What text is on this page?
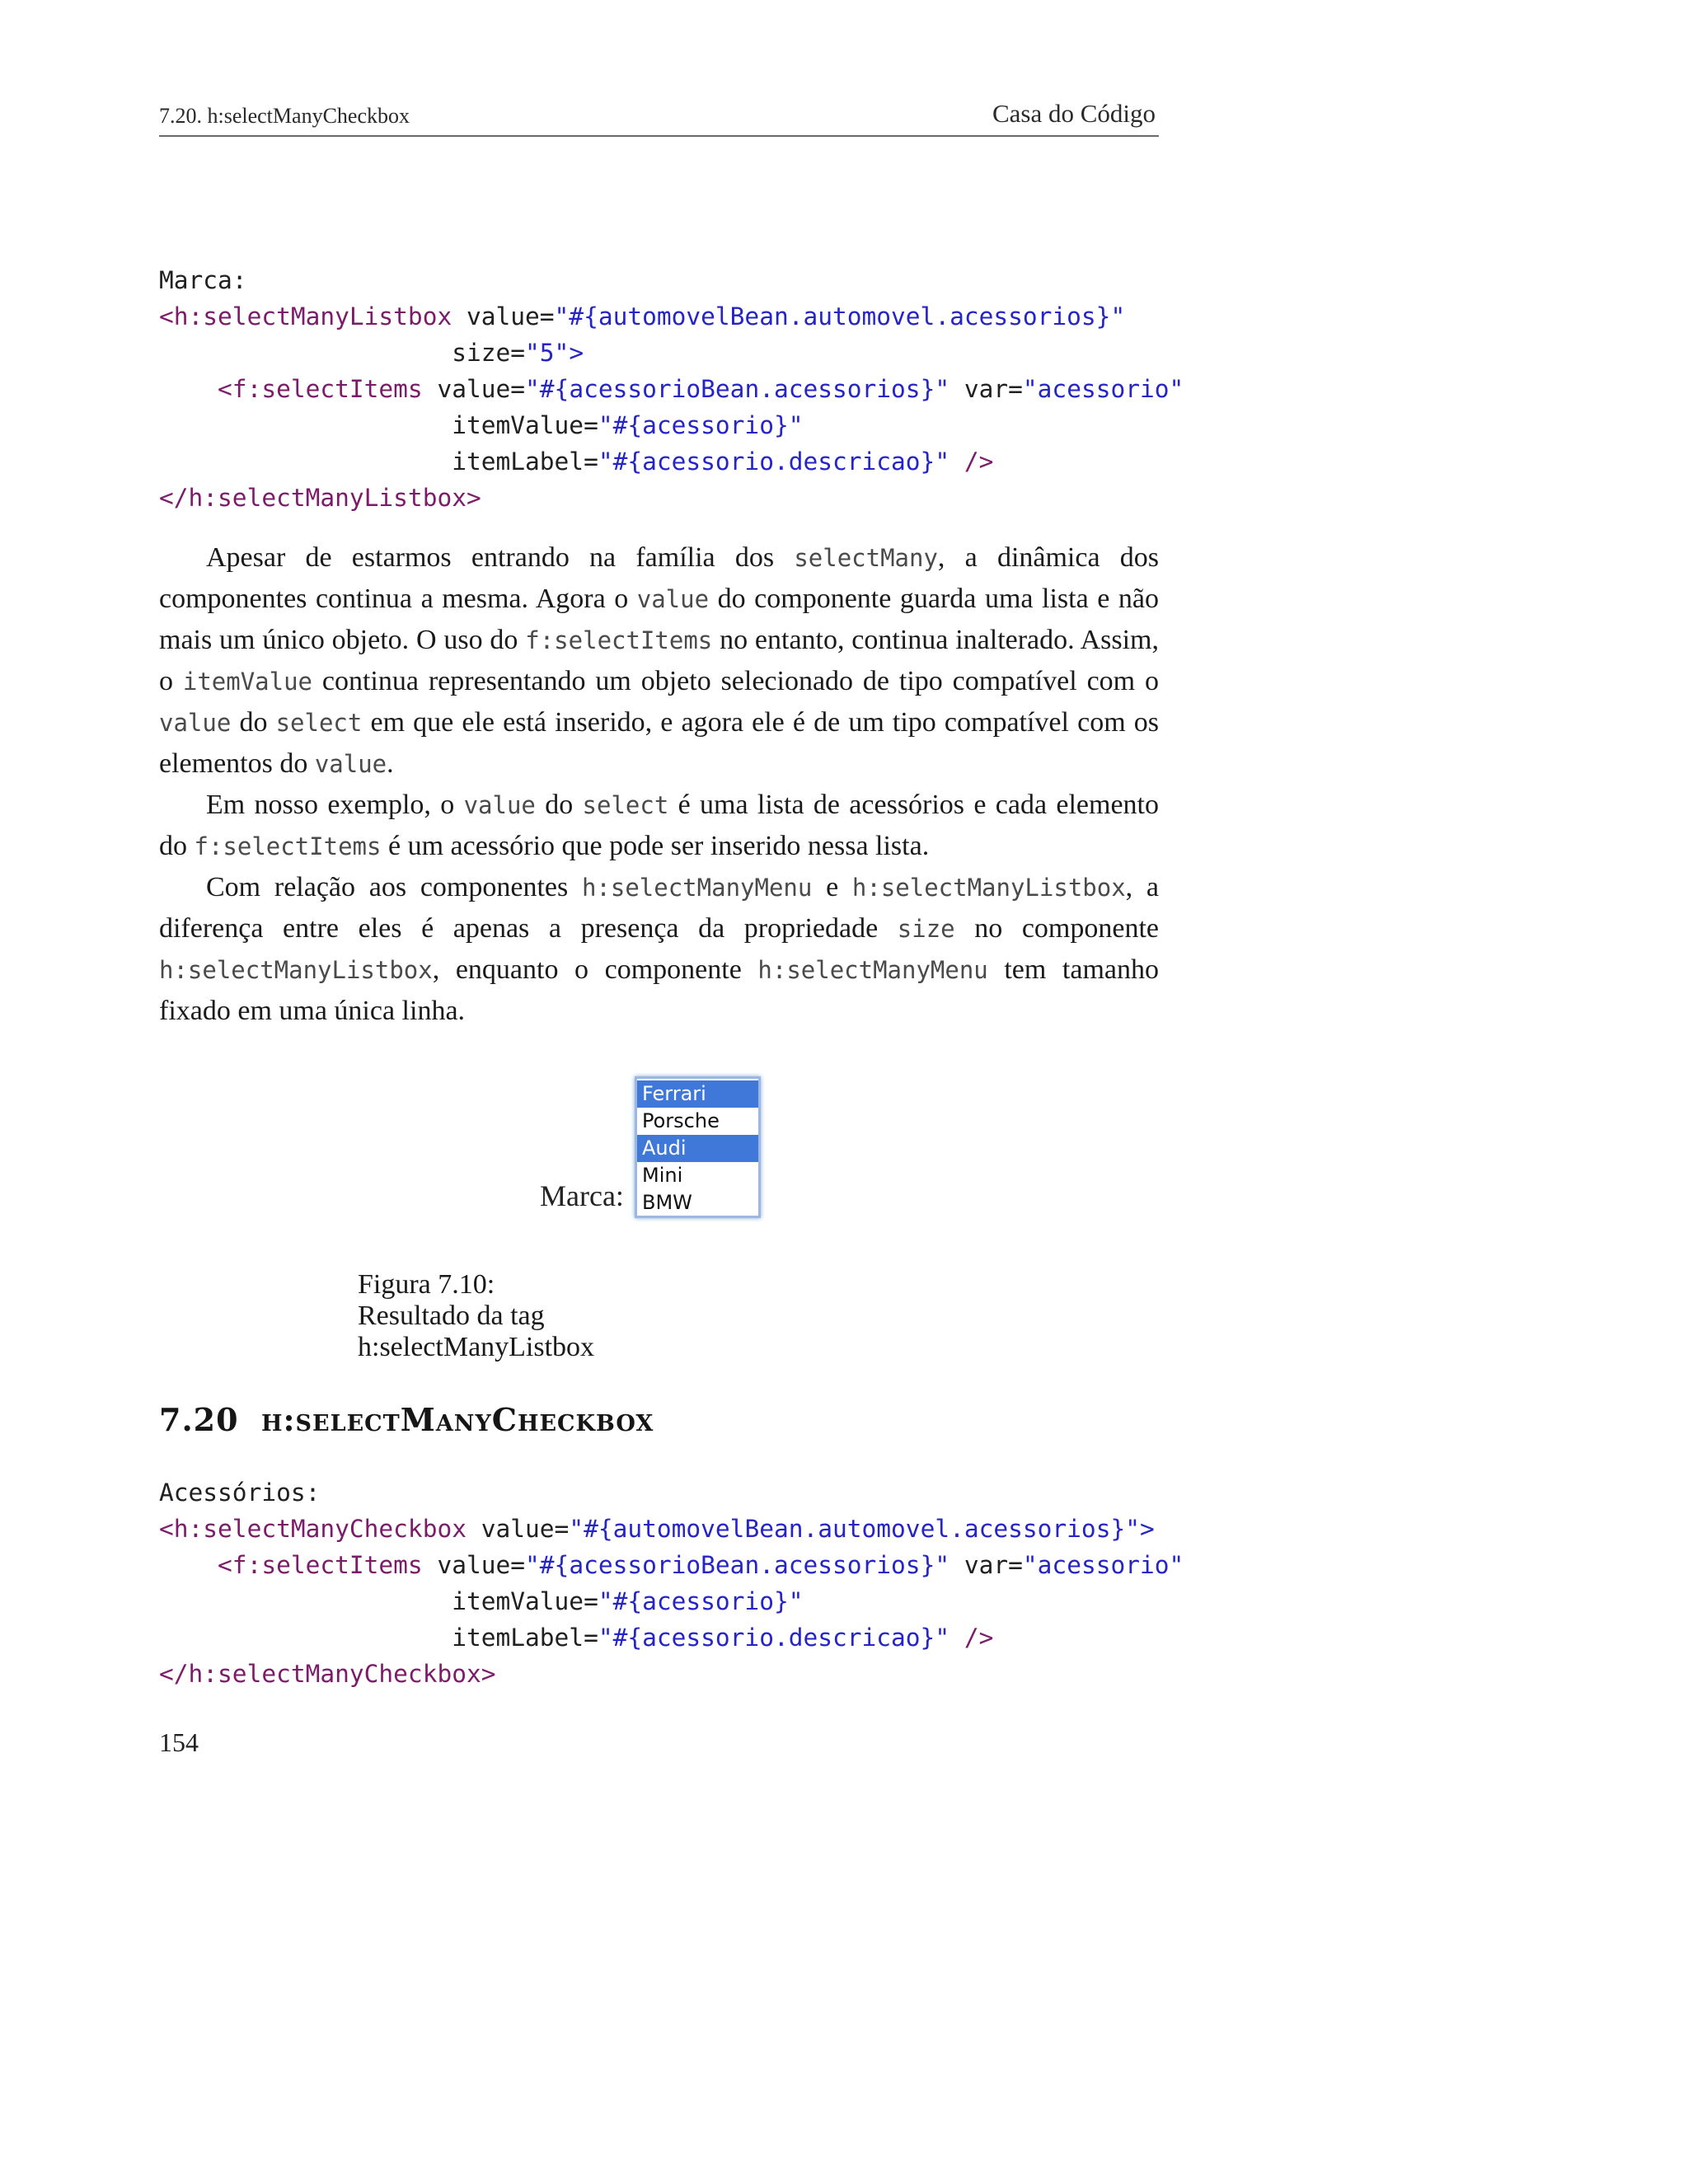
7.20. h:selectManyCheckbox	Casa do Código
Marca:
<h:selectManyListbox value="#{automovelBean.automovel.acessorios}"
size="5">
<f:selectItems value="#{acessorioBean.acessorios}" var="acessorio"
itemValue="#{acessorio}"
itemLabel="#{acessorio.descricao}" />
</h:selectManyListbox>

Apesar de estarmos entrando na família dos selectMany, a dinâmica dos componentes continua a mesma. Agora o value do componente guarda uma lista e não mais um único objeto. O uso do f:selectItems no entanto, continua inalterado. Assim, o itemValue continua representando um objeto selecionado de tipo compatível com o value do select em que ele está inserido, e agora ele é de um tipo compatível com os elementos do value.

Em nosso exemplo, o value do select é uma lista de acessórios e cada elemento do f:selectItems é um acessório que pode ser inserido nessa lista.

Com relação aos componentes h:selectManyMenu e h:selectManyListbox, a diferença entre eles é apenas a presença da propriedade size no componente h:selectManyListbox, enquanto o componente h:selectManyMenu tem tamanho fixado em uma única linha.

Marca:
Ferrari
Porsche
Audi
Mini
BMW
Figura 7.10: Resultado da tag h:selectManyListbox
7.20 h:selectManyCheckbox
Acessórios:
<h:selectManyCheckbox value="#{automovelBean.automovel.acessorios}">
<f:selectItems value="#{acessorioBean.acessorios}" var="acessorio"
itemValue="#{acessorio}"
itemLabel="#{acessorio.descricao}" />
</h:selectManyCheckbox>
154
